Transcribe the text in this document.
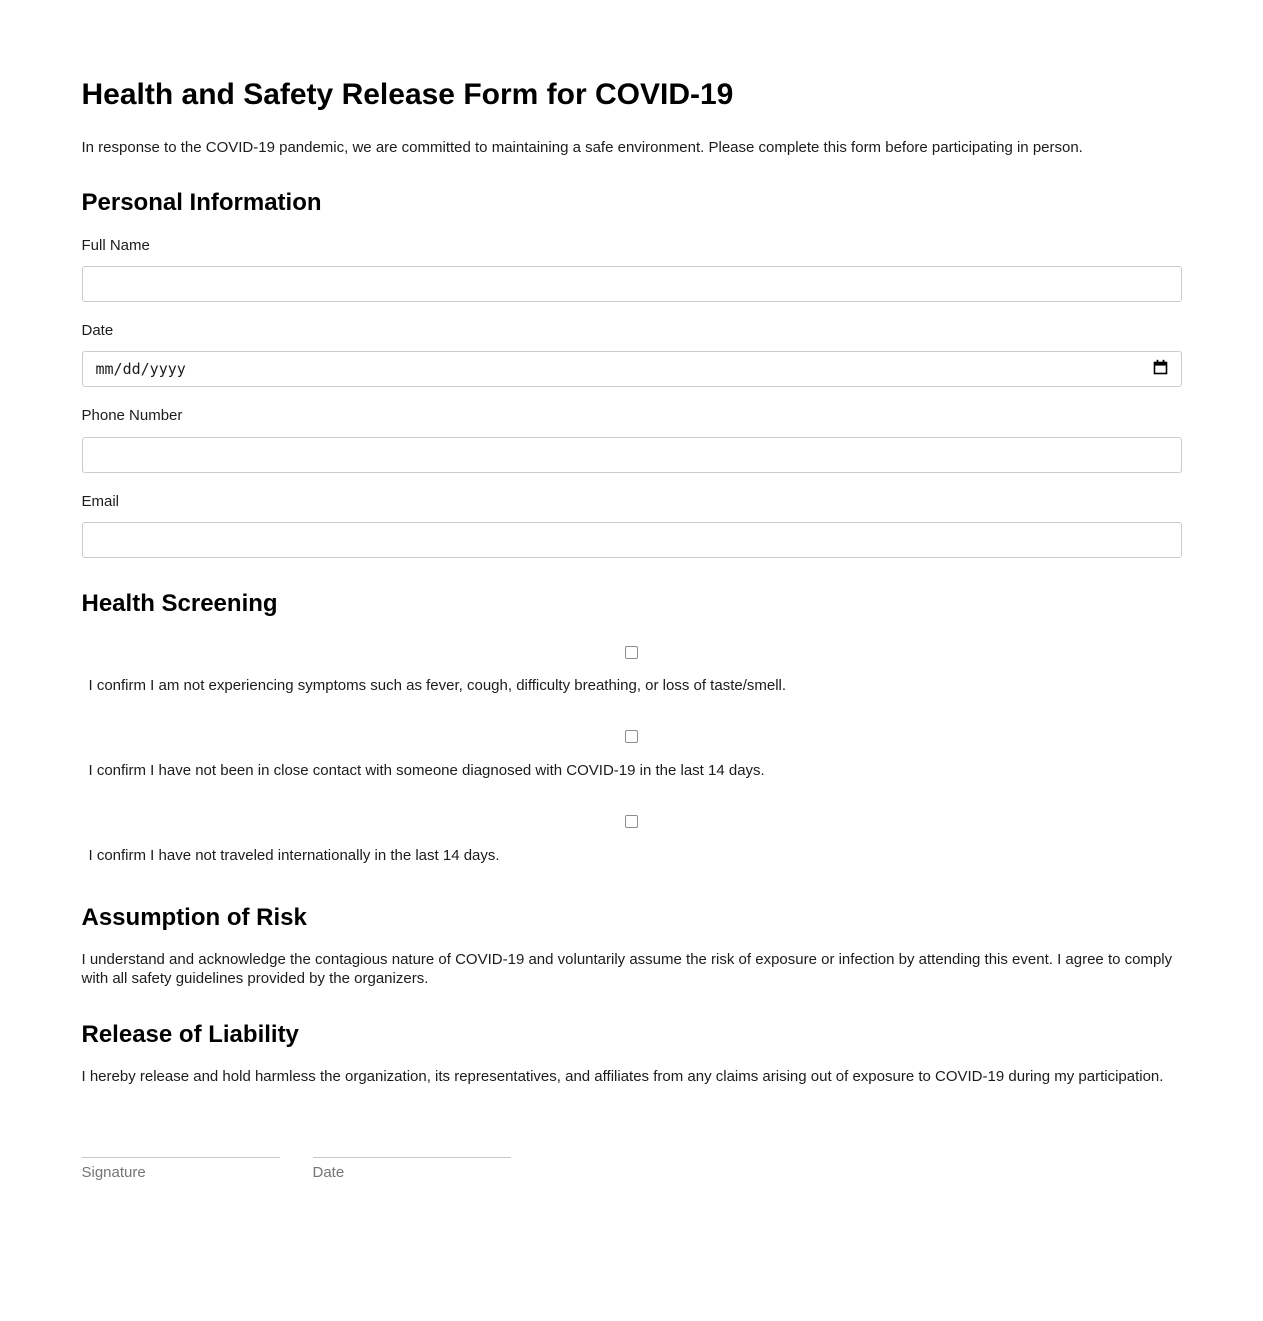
Health and Safety Release Form for COVID-19

In response to the COVID-19 pandemic, we are committed to maintaining a safe environment. Please complete this form before participating in person.

Personal Information
Full Name
Date
mm/dd/yyyy
Phone Number
Email
Health Screening
I confirm I am not experiencing symptoms such as fever, cough, difficulty breathing, or loss of taste/smell.
I confirm I have not been in close contact with someone diagnosed with COVID-19 in the last 14 days.
I confirm I have not traveled internationally in the last 14 days.
Assumption of Risk

I understand and acknowledge the contagious nature of COVID-19 and voluntarily assume the risk of exposure or infection by attending this event. I agree to comply with all safety guidelines provided by the organizers.

Release of Liability

I hereby release and hold harmless the organization, its representatives, and affiliates from any claims arising out of exposure to COVID-19 during my participation.

Signature	Date
